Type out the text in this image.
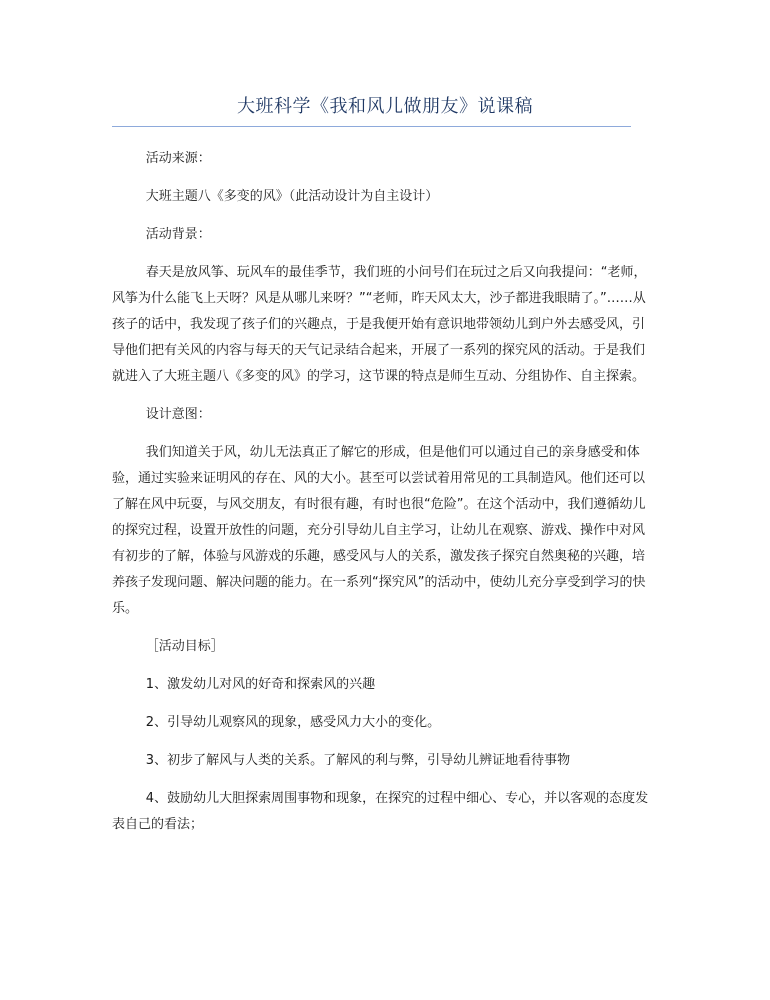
大班科学《我和风儿做朋友》说课稿

活动来源：

大班主题八《多变的风》（此活动设计为自主设计）

活动背景：

春天是放风筝、玩风车的最佳季节，我们班的小问号们在玩过之后又向我提问：“老师，风筝为什么能飞上天呀？风是从哪儿来呀？”“老师，昨天风太大，沙子都进我眼睛了。”……从孩子的话中，我发现了孩子们的兴趣点，于是我便开始有意识地带领幼儿到户外去感受风，引导他们把有关风的内容与每天的天气记录结合起来，开展了一系列的探究风的活动。于是我们就进入了大班主题八《多变的风》的学习，这节课的特点是师生互动、分组协作、自主探索。

设计意图：

我们知道关于风，幼儿无法真正了解它的形成，但是他们可以通过自己的亲身感受和体验，通过实验来证明风的存在、风的大小。甚至可以尝试着用常见的工具制造风。他们还可以了解在风中玩耍，与风交朋友，有时很有趣，有时也很“危险”。在这个活动中，我们遵循幼儿的探究过程，设置开放性的问题，充分引导幼儿自主学习，让幼儿在观察、游戏、操作中对风有初步的了解，体验与风游戏的乐趣，感受风与人的关系，激发孩子探究自然奥秘的兴趣，培养孩子发现问题、解决问题的能力。在一系列“探究风”的活动中，使幼儿充分享受到学习的快乐。

［活动目标］

1、激发幼儿对风的好奇和探索风的兴趣

2、引导幼儿观察风的现象，感受风力大小的变化。

3、初步了解风与人类的关系。了解风的利与弊，引导幼儿辨证地看待事物

4、鼓励幼儿大胆探索周围事物和现象，在探究的过程中细心、专心，并以客观的态度发表自己的看法；
